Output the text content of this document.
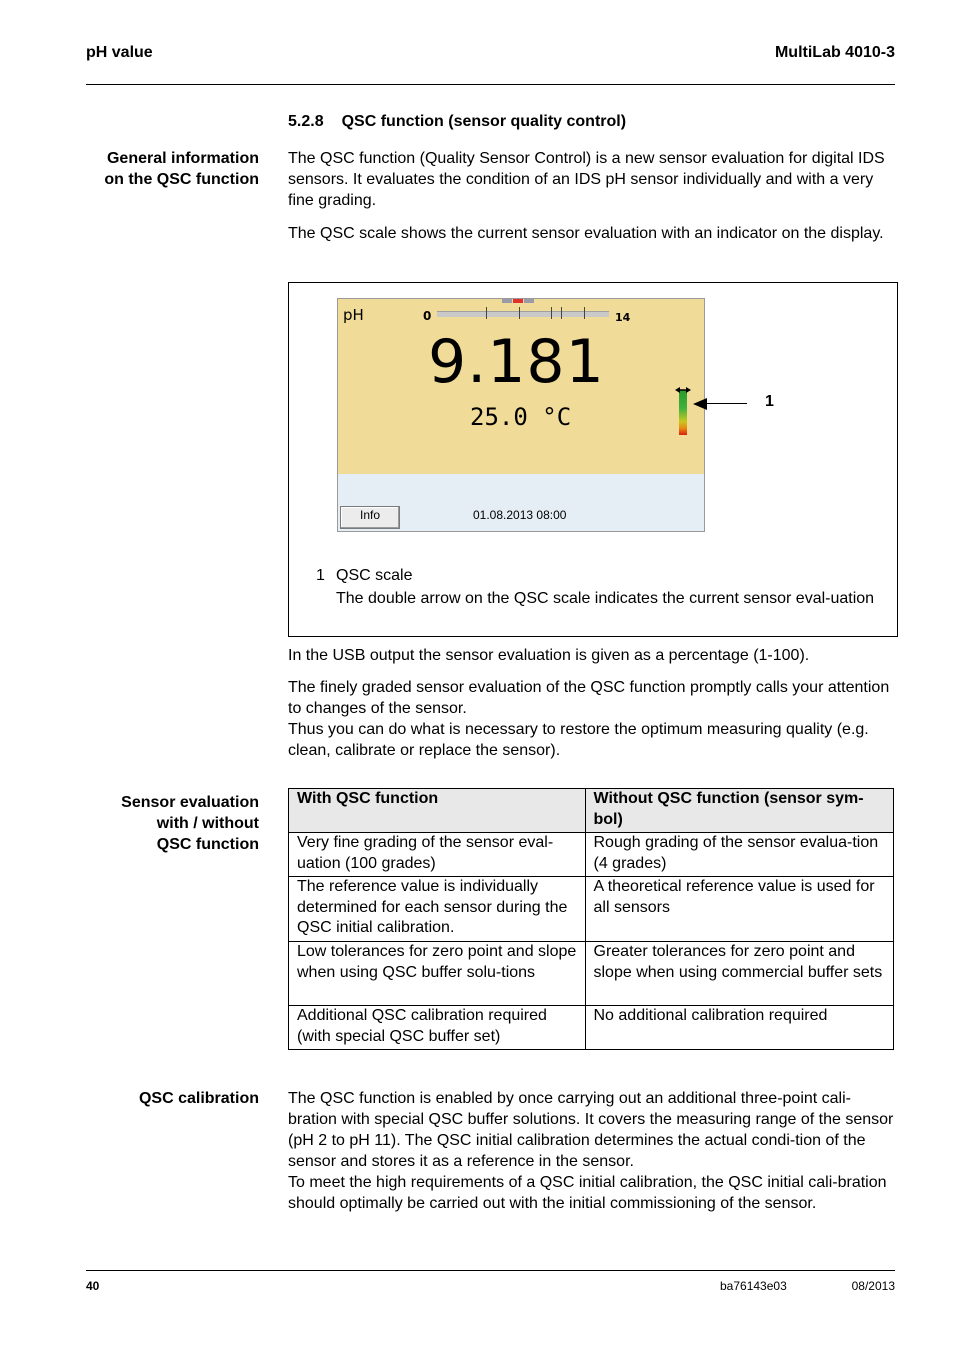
pH value	MultiLab 4010-3
5.2.8 QSC function (sensor quality control)
General information
on the QSC function

The QSC function (Quality Sensor Control) is a new sensor evaluation for digital IDS sensors. It evaluates the condition of an IDS pH sensor individually and with a very fine grading.

The QSC scale shows the current sensor evaluation with an indicator on the display.

pH	0	14
9.181
25.0 °C
Info	01.08.2013 08:00
1
1 QSC scale
The double arrow on the QSC scale indicates the current sensor eval-uation

In the USB output the sensor evaluation is given as a percentage (1-100).

The finely graded sensor evaluation of the QSC function promptly calls your attention to changes of the sensor.

Thus you can do what is necessary to restore the optimum measuring quality (e.g. clean, calibrate or replace the sensor).

Sensor evaluation
with / without
QSC function
With QSC function	Without QSC function (sensor sym-bol)
Very fine grading of the sensor eval-uation (100 grades)	Rough grading of the sensor evalua-tion (4 grades)
The reference value is individually determined for each sensor during the QSC initial calibration.	A theoretical reference value is used for all sensors
Low tolerances for zero point and slope when using QSC buffer solu-tions	Greater tolerances for zero point and slope when using commercial buffer sets
Additional QSC calibration required (with special QSC buffer set)	No additional calibration required
QSC calibration The QSC function is enabled by once carrying out an additional three-point cali-bration with special QSC buffer solutions. It covers the measuring range of the sensor (pH 2 to pH 11). The QSC initial calibration determines the actual condi-tion of the sensor and stores it as a reference in the sensor.

To meet the high requirements of a QSC initial calibration, the QSC initial cali-bration should optimally be carried out with the initial commissioning of the sensor.

40	ba76143e03	08/2013
